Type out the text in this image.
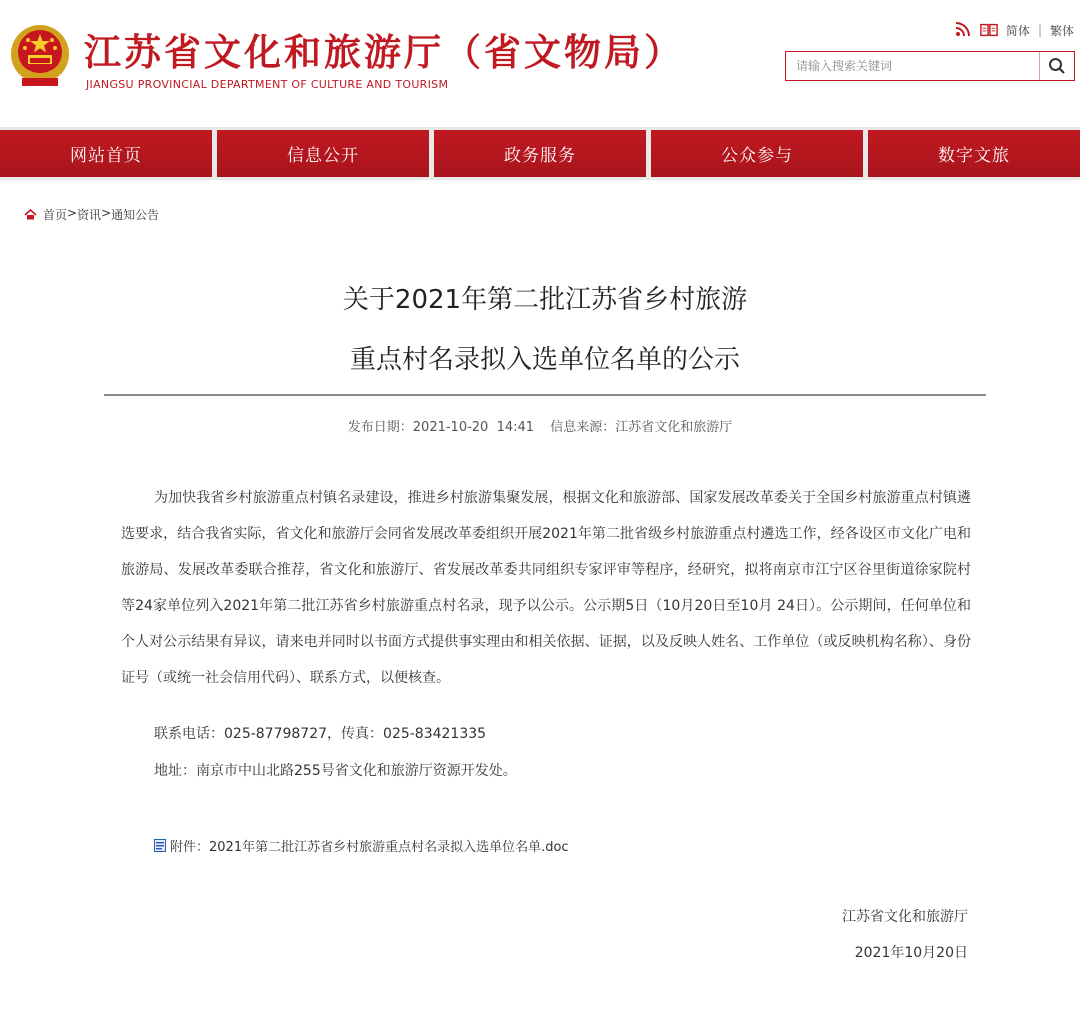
江苏省文化和旅游厅（省文物局）
JIANGSU PROVINCIAL DEPARTMENT OF CULTURE AND TOURISM
简体 | 繁体
请输入搜索关键词
网站首页	信息公开	政务服务	公众参与	数字文旅
首页 > 资讯 > 通知公告
关于2021年第二批江苏省乡村旅游
重点村名录拟入选单位名单的公示
发布日期：2021-10-20  14:41 信息来源：江苏省文化和旅游厅

为加快我省乡村旅游重点村镇名录建设，推进乡村旅游集聚发展，根据文化和旅游部、国家发展改革委关于全国乡村旅游重点村镇遴选要求，结合我省实际，省文化和旅游厅会同省发展改革委组织开展2021年第二批省级乡村旅游重点村遴选工作，经各设区市文化广电和旅游局、发展改革委联合推荐，省文化和旅游厅、省发展改革委共同组织专家评审等程序，经研究，拟将南京市江宁区谷里街道徐家院村等24家单位列入2021年第二批江苏省乡村旅游重点村名录，现予以公示。公示期5日（10月20日至10月 24日）。公示期间，任何单位和个人对公示结果有异议，请来电并同时以书面方式提供事实理由和相关依据、证据，以及反映人姓名、工作单位（或反映机构名称）、身份证号（或统一社会信用代码）、联系方式，以便核查。

联系电话：025-87798727，传真：025-83421335
地址：南京市中山北路255号省文化和旅游厅资源开发处。
附件：2021年第二批江苏省乡村旅游重点村名录拟入选单位名单.doc
江苏省文化和旅游厅
2021年10月20日
